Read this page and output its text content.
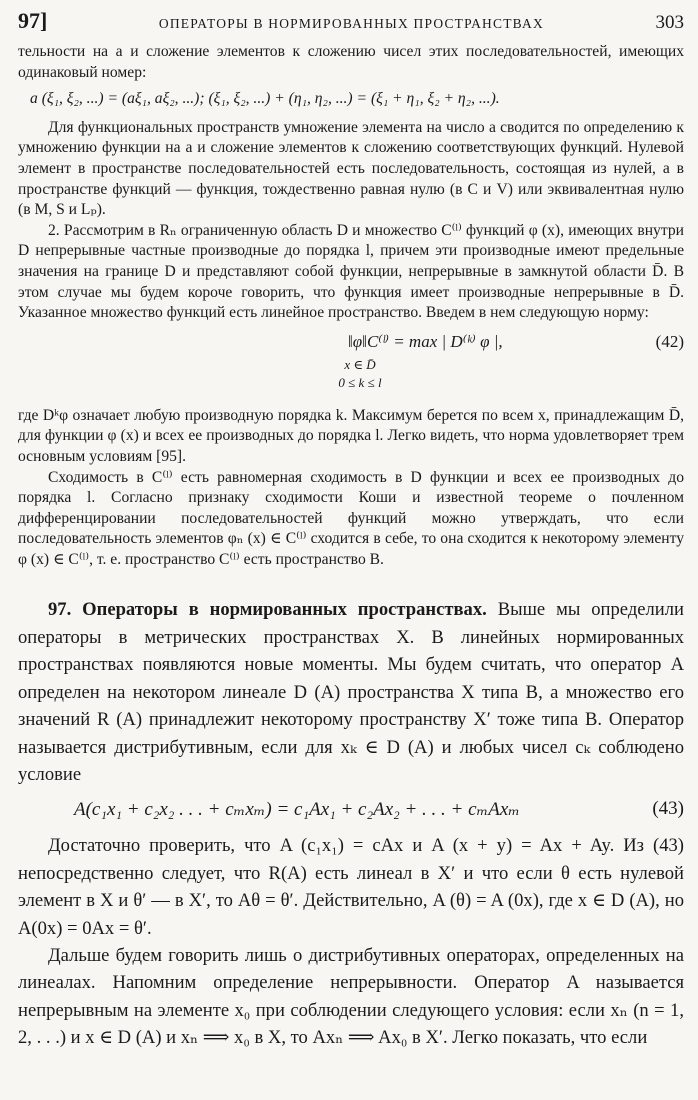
97]	ОПЕРАТОРЫ В НОРМИРОВАННЫХ ПРОСТРАНСТВАХ	303

тельности на a и сложение элементов к сложению чисел этих последовательностей, имеющих одинаковый номер:

a (ξ₁, ξ₂, ...) = (aξ₁, aξ₂, ...); (ξ₁, ξ₂, ...) + (η₁, η₂, ...) = (ξ₁ + η₁, ξ₂ + η₂, ...).

Для функциональных пространств умножение элемента на число a сводится по определению к умножению функции на a и сложение элементов к сложению соответствующих функций. Нулевой элемент в пространстве последовательностей есть последовательность, состоящая из нулей, а в пространстве функций — функция, тождественно равная нулю (в C и V) или эквивалентная нулю (в M, S и Lₚ).

2. Рассмотрим в Rₙ ограниченную область D и множество C⁽ˡ⁾ функций φ (x), имеющих внутри D непрерывные частные производные до порядка l, причем эти производные имеют предельные значения на границе D и представляют собой функции, непрерывные в замкнутой области D̄. В этом случае мы будем короче говорить, что функция имеет производные непрерывные в D̄. Указанное множество функций есть линейное пространство. Введем в нем следующую норму:

‖φ‖C⁽ˡ⁾ = max | D⁽ᵏ⁾ φ |,
x ∈ D̄
0 ≤ k ≤ l
(42)

где Dᵏφ означает любую производную порядка k. Максимум берется по всем x, принадлежащим D̄, для функции φ (x) и всех ее производных до порядка l. Легко видеть, что норма удовлетворяет трем основным условиям [95].

Сходимость в C⁽ˡ⁾ есть равномерная сходимость в D функции и всех ее производных до порядка l. Согласно признаку сходимости Коши и известной теореме о почленном дифференцировании последовательностей функций можно утверждать, что если последовательность элементов φₙ (x) ∈ C⁽ˡ⁾ сходится в себе, то она сходится к некоторому элементу φ (x) ∈ C⁽ˡ⁾, т. е. пространство C⁽ˡ⁾ есть пространство B.

97. Операторы в нормированных пространствах. Выше мы определили операторы в метрических пространствах X. В линейных нормированных пространствах появляются новые моменты. Мы будем считать, что оператор A определен на некотором линеале D (A) пространства X типа B, а множество его значений R (A) принадлежит некоторому пространству X′ тоже типа B. Оператор называется дистрибутивным, если для xₖ ∈ D (A) и любых чисел cₖ соблюдено условие

A(c₁x₁ + c₂x₂ . . . + cₘxₘ) = c₁Ax₁ + c₂Ax₂ + . . . + cₘAxₘ	(43)

Достаточно проверить, что A (c₁x₁) = cAx и A (x + y) = Ax + Ay. Из (43) непосредственно следует, что R(A) есть линеал в X′ и что если θ есть нулевой элемент в X и θ′ — в X′, то Aθ = θ′. Действительно, A (θ) = A (0x), где x ∈ D (A), но A(0x) = 0Ax = θ′.

Дальше будем говорить лишь о дистрибутивных операторах, определенных на линеалах. Напомним определение непрерывности. Оператор A называется непрерывным на элементе x₀ при соблюдении следующего условия: если xₙ (n = 1, 2, . . .) и x ∈ D (A) и xₙ ⟹ x₀ в X, то Axₙ ⟹ Ax₀ в X′. Легко показать, что если
